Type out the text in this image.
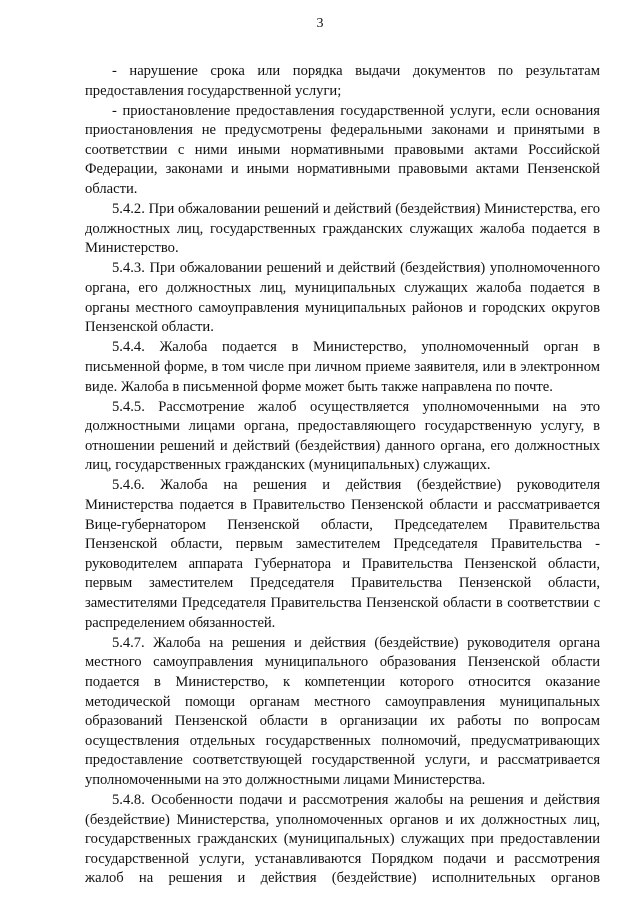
3

- нарушение срока или порядка выдачи документов по результатам предоставления государственной услуги;

- приостановление предоставления государственной услуги, если основания приостановления не предусмотрены федеральными законами и принятыми в соответствии с ними иными нормативными правовыми актами Российской Федерации, законами и иными нормативными правовыми актами Пензенской области.

5.4.2. При обжаловании решений и действий (бездействия) Министерства, его должностных лиц, государственных гражданских служащих жалоба подается в Министерство.

5.4.3. При обжаловании решений и действий (бездействия) уполномоченного органа, его должностных лиц, муниципальных служащих жалоба подается в органы местного самоуправления муниципальных районов и городских округов Пензенской области.

5.4.4. Жалоба подается в Министерство, уполномоченный орган в письменной форме, в том числе при личном приеме заявителя, или в электронном виде. Жалоба в письменной форме может быть также направлена по почте.

5.4.5. Рассмотрение жалоб осуществляется уполномоченными на это должностными лицами органа, предоставляющего государственную услугу, в отношении решений и действий (бездействия) данного органа, его должностных лиц, государственных гражданских (муниципальных) служащих.

5.4.6. Жалоба на решения и действия (бездействие) руководителя Министерства подается в Правительство Пензенской области и рассматривается Вице-губернатором Пензенской области, Председателем Правительства Пензенской области, первым заместителем Председателя Правительства - руководителем аппарата Губернатора и Правительства Пензенской области, первым заместителем Председателя Правительства Пензенской области, заместителями Председателя Правительства Пензенской области в соответствии с распределением обязанностей.

5.4.7. Жалоба на решения и действия (бездействие) руководителя органа местного самоуправления муниципального образования Пензенской области подается в Министерство, к компетенции которого относится оказание методической помощи органам местного самоуправления муниципальных образований Пензенской области в организации их работы по вопросам осуществления отдельных государственных полномочий, предусматривающих предоставление соответствующей государственной услуги, и рассматривается уполномоченными на это должностными лицами Министерства.

5.4.8. Особенности подачи и рассмотрения жалобы на решения и действия (бездействие) Министерства, уполномоченных органов и их должностных лиц, государственных гражданских (муниципальных) служащих при предоставлении государственной услуги, устанавливаются Порядком подачи и рассмотрения жалоб на решения и действия (бездействие) исполнительных органов
